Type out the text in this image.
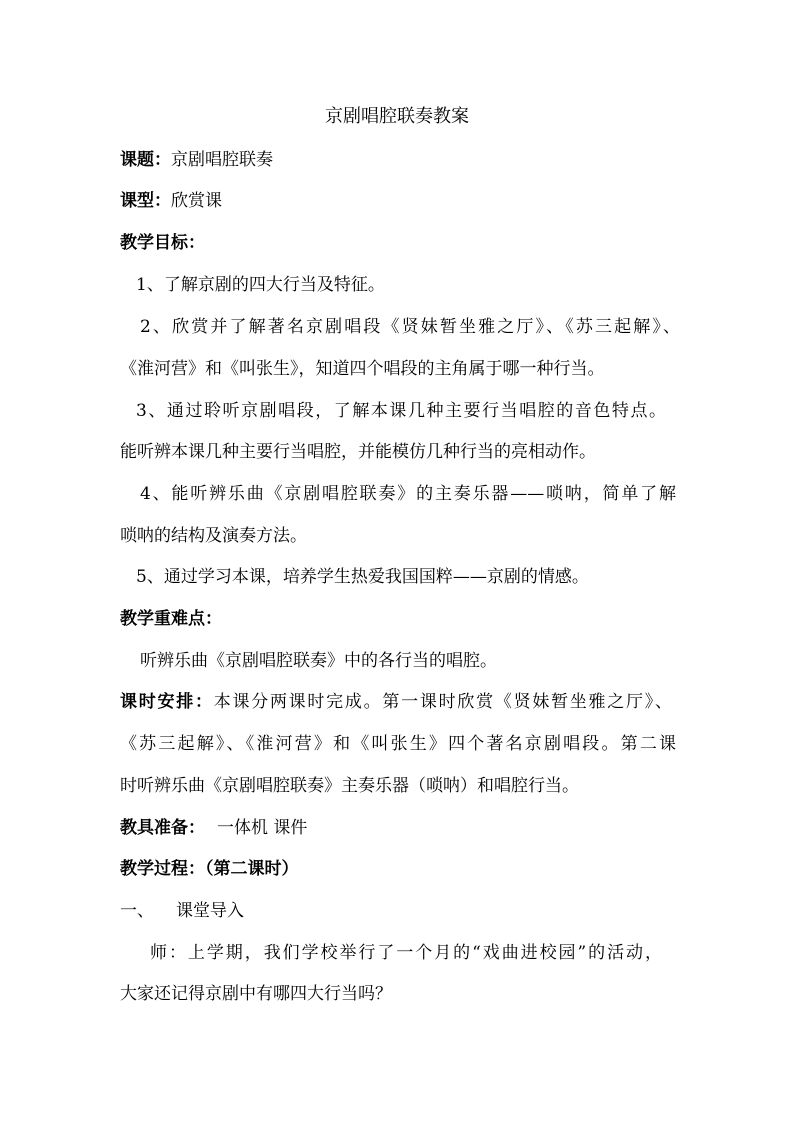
京剧唱腔联奏教案
课题：京剧唱腔联奏
课型：欣赏课
教学目标：
1、了解京剧的四大行当及特征。
2、欣赏并了解著名京剧唱段《贤妹暂坐雅之厅》、《苏三起解》、
《淮河营》和《叫张生》，知道四个唱段的主角属于哪一种行当。
3、通过聆听京剧唱段，了解本课几种主要行当唱腔的音色特点。
能听辨本课几种主要行当唱腔，并能模仿几种行当的亮相动作。
4、能听辨乐曲《京剧唱腔联奏》的主奏乐器——唢呐，简单了解
唢呐的结构及演奏方法。
5、通过学习本课，培养学生热爱我国国粹——京剧的情感。
教学重难点：
听辨乐曲《京剧唱腔联奏》中的各行当的唱腔。
课时安排：本课分两课时完成。第一课时欣赏《贤妹暂坐雅之厅》、
《苏三起解》、《淮河营》和《叫张生》四个著名京剧唱段。第二课
时听辨乐曲《京剧唱腔联奏》主奏乐器（唢呐）和唱腔行当。
教具准备： 一体机 课件
教学过程：（第二课时）
一、 课堂导入
师：上学期，我们学校举行了一个月的“戏曲进校园”的活动，
大家还记得京剧中有哪四大行当吗？
